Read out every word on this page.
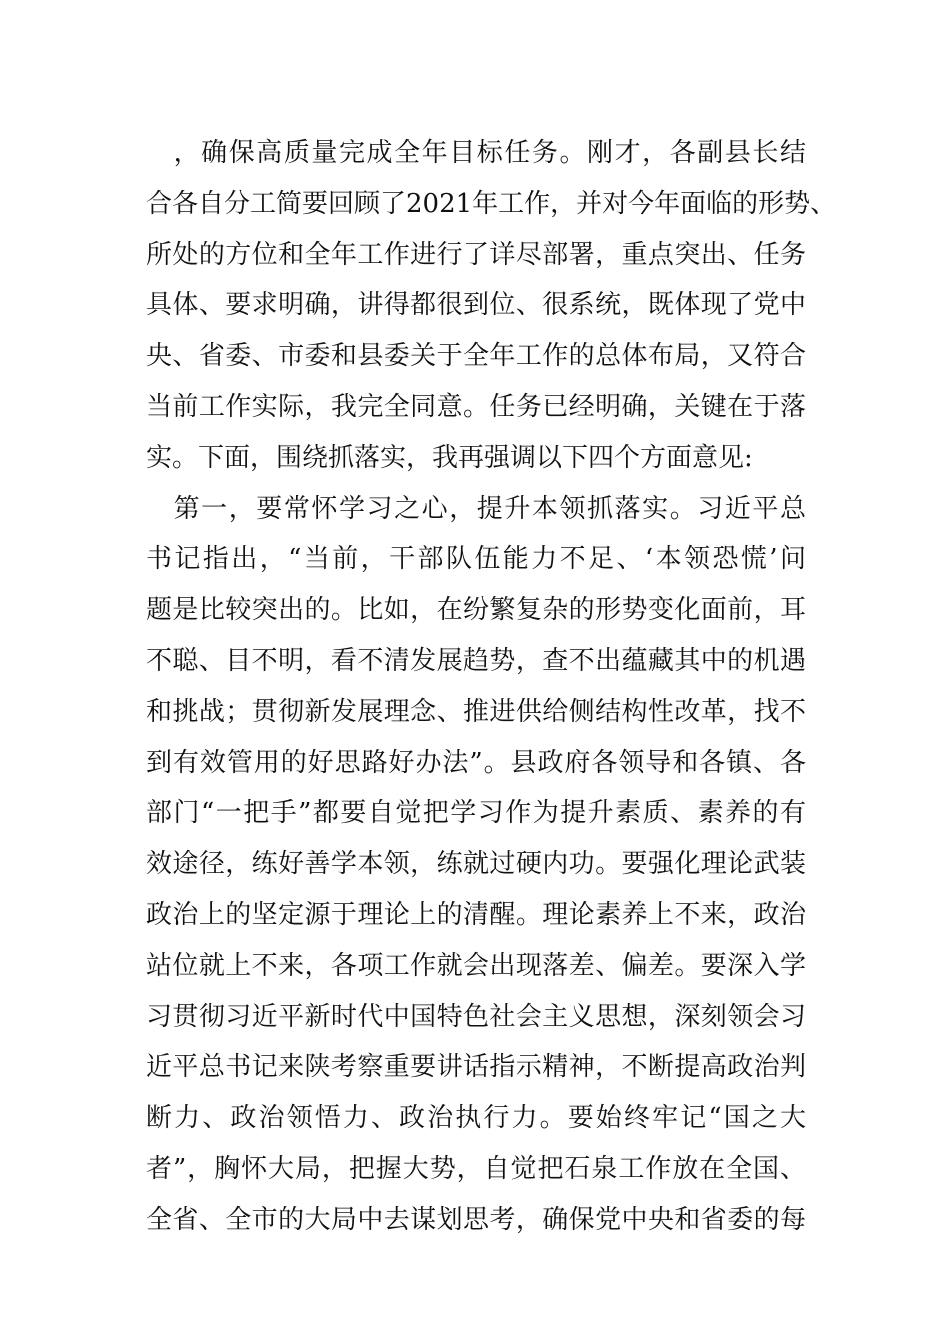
　，确保高质量完成全年目标任务。刚才，各副县长结
合各自分工简要回顾了2021年工作，并对今年面临的形势、
所处的方位和全年工作进行了详尽部署，重点突出、任务
具体、要求明确，讲得都很到位、很系统，既体现了党中
央、省委、市委和县委关于全年工作的总体布局，又符合
当前工作实际，我完全同意。任务已经明确，关键在于落
实。下面，围绕抓落实，我再强调以下四个方面意见:
　第一，要常怀学习之心，提升本领抓落实。习近平总
书记指出，“当前，干部队伍能力不足、‘本领恐慌’问
题是比较突出的。比如，在纷繁复杂的形势变化面前，耳
不聪、目不明，看不清发展趋势，查不出蕴藏其中的机遇
和挑战；贯彻新发展理念、推进供给侧结构性改革，找不
到有效管用的好思路好办法”。县政府各领导和各镇、各
部门“一把手”都要自觉把学习作为提升素质、素养的有
效途径，练好善学本领，练就过硬内功。要强化理论武装
政治上的坚定源于理论上的清醒。理论素养上不来，政治
站位就上不来，各项工作就会出现落差、偏差。要深入学
习贯彻习近平新时代中国特色社会主义思想，深刻领会习
近平总书记来陕考察重要讲话指示精神，不断提高政治判
断力、政治领悟力、政治执行力。要始终牢记“国之大
者”，胸怀大局，把握大势，自觉把石泉工作放在全国、
全省、全市的大局中去谋划思考，确保党中央和省委的每
